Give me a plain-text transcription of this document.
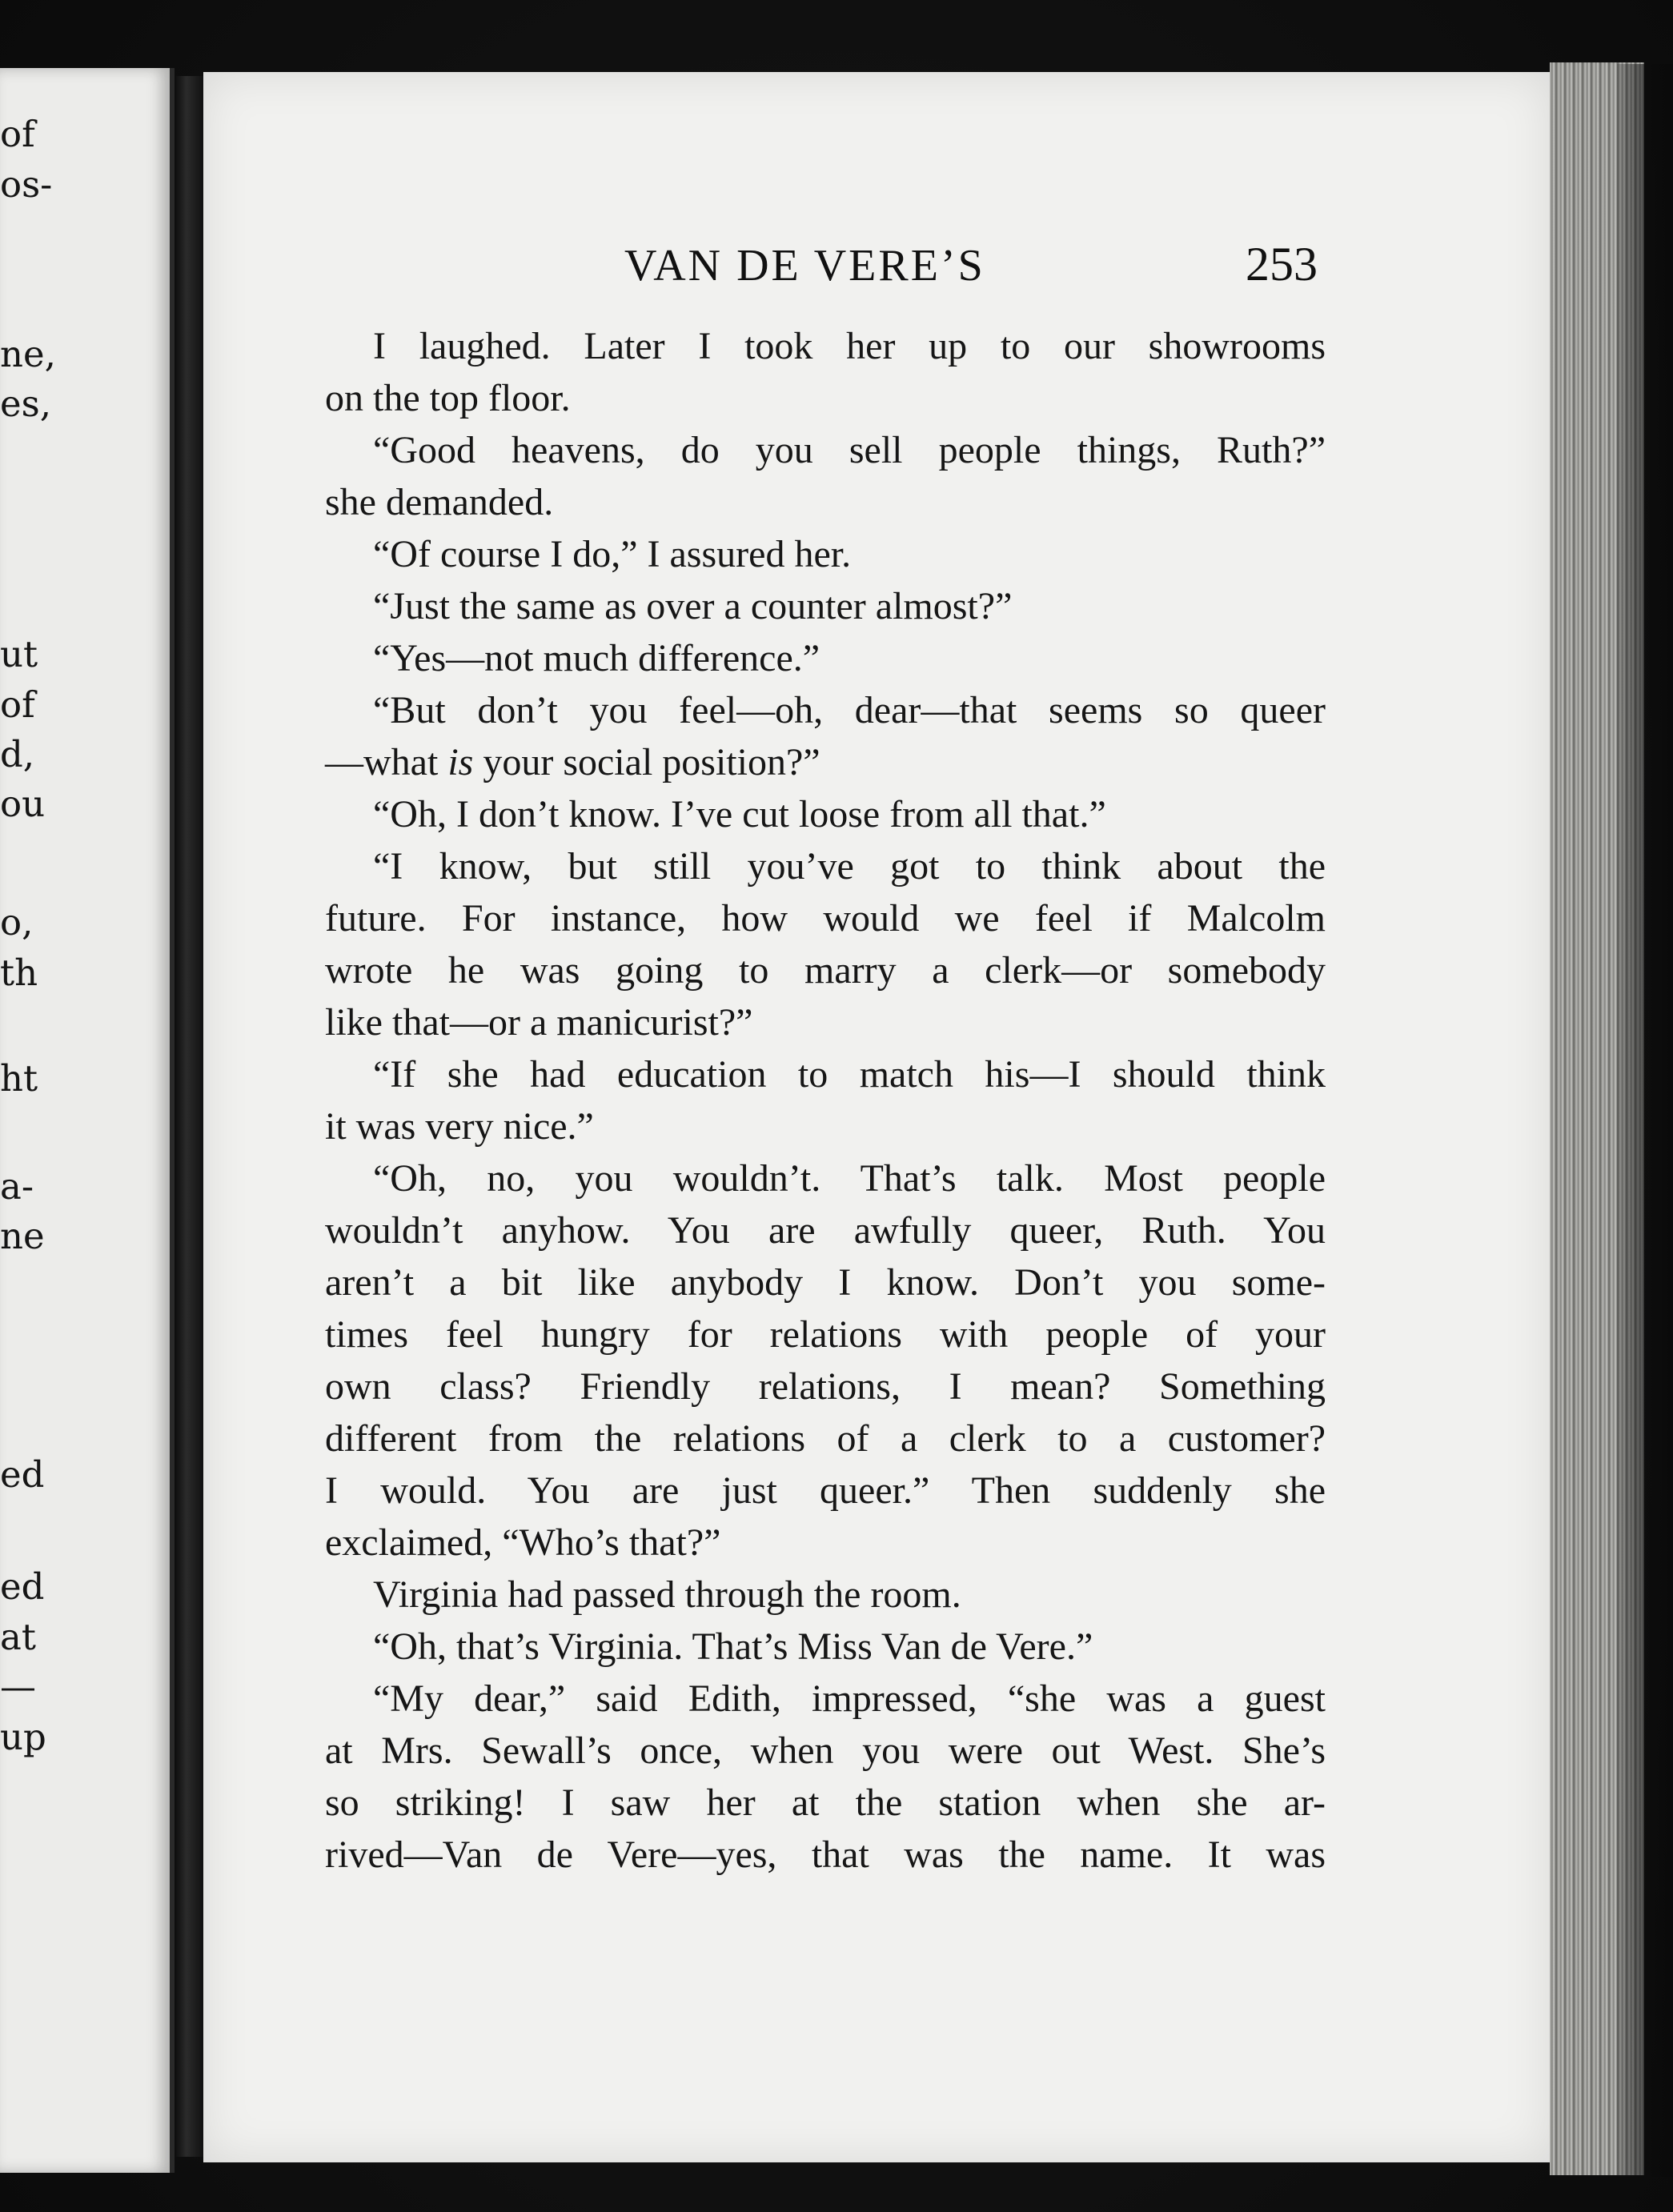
of
os-
ne,
es,
ut
of
d,
ou
o,
th
ht
a-
ne
ed
ed
at
—
up
VAN DE VERE’S	253
I laughed. Later I took her up to our showrooms
on the top floor.
“Good heavens, do you sell people things, Ruth?”
she demanded.
“Of course I do,” I assured her.
“Just the same as over a counter almost?”
“Yes—not much difference.”
“But don’t you feel—oh, dear—that seems so queer
—what is your social position?”
“Oh, I don’t know. I’ve cut loose from all that.”
“I know, but still you’ve got to think about the
future. For instance, how would we feel if Malcolm
wrote he was going to marry a clerk—or somebody
like that—or a manicurist?”
“If she had education to match his—I should think
it was very nice.”
“Oh, no, you wouldn’t. That’s talk. Most people
wouldn’t anyhow. You are awfully queer, Ruth. You
aren’t a bit like anybody I know. Don’t you some-
times feel hungry for relations with people of your
own class? Friendly relations, I mean? Something
different from the relations of a clerk to a customer?
I would. You are just queer.” Then suddenly she
exclaimed, “Who’s that?”
Virginia had passed through the room.
“Oh, that’s Virginia. That’s Miss Van de Vere.”
“My dear,” said Edith, impressed, “she was a guest
at Mrs. Sewall’s once, when you were out West. She’s
so striking! I saw her at the station when she ar-
rived—Van de Vere—yes, that was the name. It was
